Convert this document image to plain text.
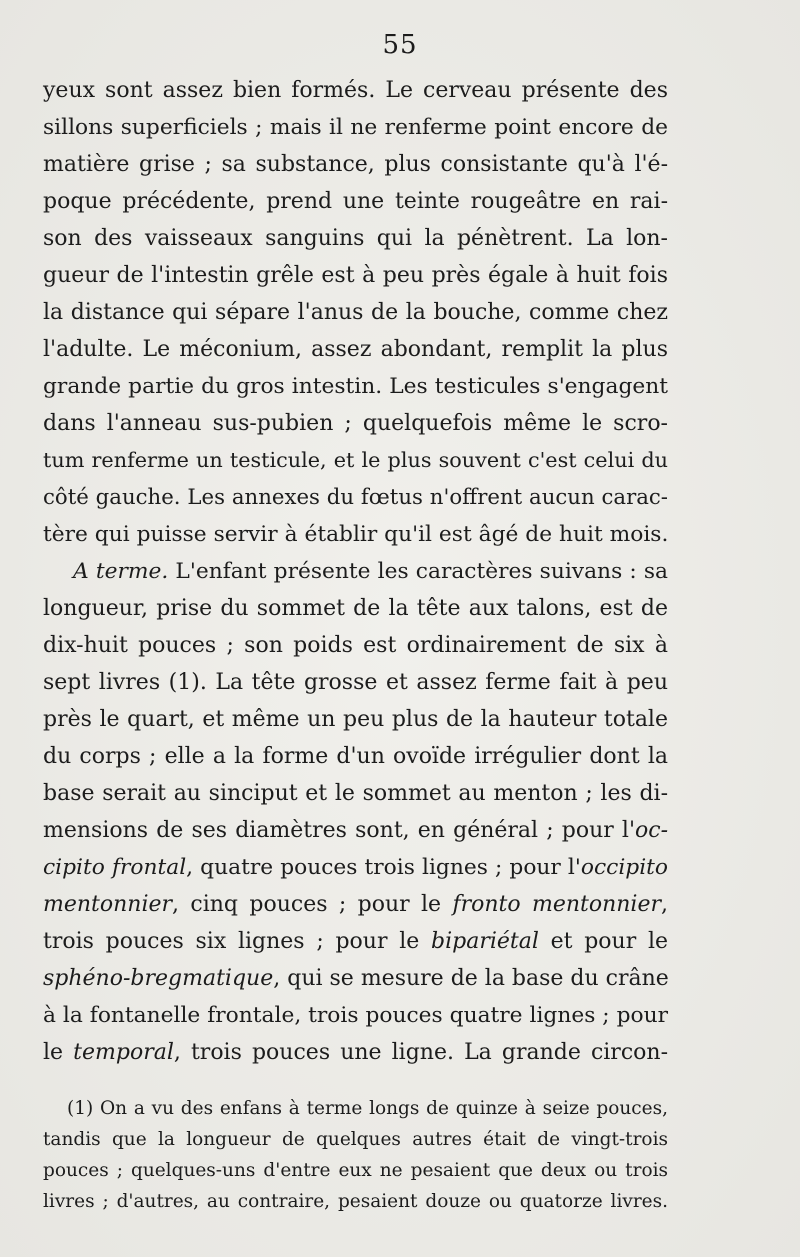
55
yeux sont assez bien formés. Le cerveau présente des
sillons superficiels ; mais il ne renferme point encore de
matière grise ; sa substance, plus consistante qu'à l'é-
poque précédente, prend une teinte rougeâtre en rai-
son des vaisseaux sanguins qui la pénètrent. La lon-
gueur de l'intestin grêle est à peu près égale à huit fois
la distance qui sépare l'anus de la bouche, comme chez
l'adulte. Le méconium, assez abondant, remplit la plus
grande partie du gros intestin. Les testicules s'engagent
dans l'anneau sus-pubien ; quelquefois même le scro-
tum renferme un testicule, et le plus souvent c'est celui du
côté gauche. Les annexes du fœtus n'offrent aucun carac-
tère qui puisse servir à établir qu'il est âgé de huit mois.
A terme. L'enfant présente les caractères suivans : sa
longueur, prise du sommet de la tête aux talons, est de
dix-huit pouces ; son poids est ordinairement de six à
sept livres (1). La tête grosse et assez ferme fait à peu
près le quart, et même un peu plus de la hauteur totale
du corps ; elle a la forme d'un ovoïde irrégulier dont la
base serait au sinciput et le sommet au menton ; les di-
mensions de ses diamètres sont, en général ; pour l'oc-
cipito frontal, quatre pouces trois lignes ; pour l'occipito
mentonnier, cinq pouces ; pour le fronto mentonnier,
trois pouces six lignes ; pour le bipariétal et pour le
sphéno-bregmatique, qui se mesure de la base du crâne
à la fontanelle frontale, trois pouces quatre lignes ; pour
le temporal, trois pouces une ligne. La grande circon-
(1) On a vu des enfans à terme longs de quinze à seize pouces,
tandis que la longueur de quelques autres était de vingt-trois
pouces ; quelques-uns d'entre eux ne pesaient que deux ou trois
livres ; d'autres, au contraire, pesaient douze ou quatorze livres.
